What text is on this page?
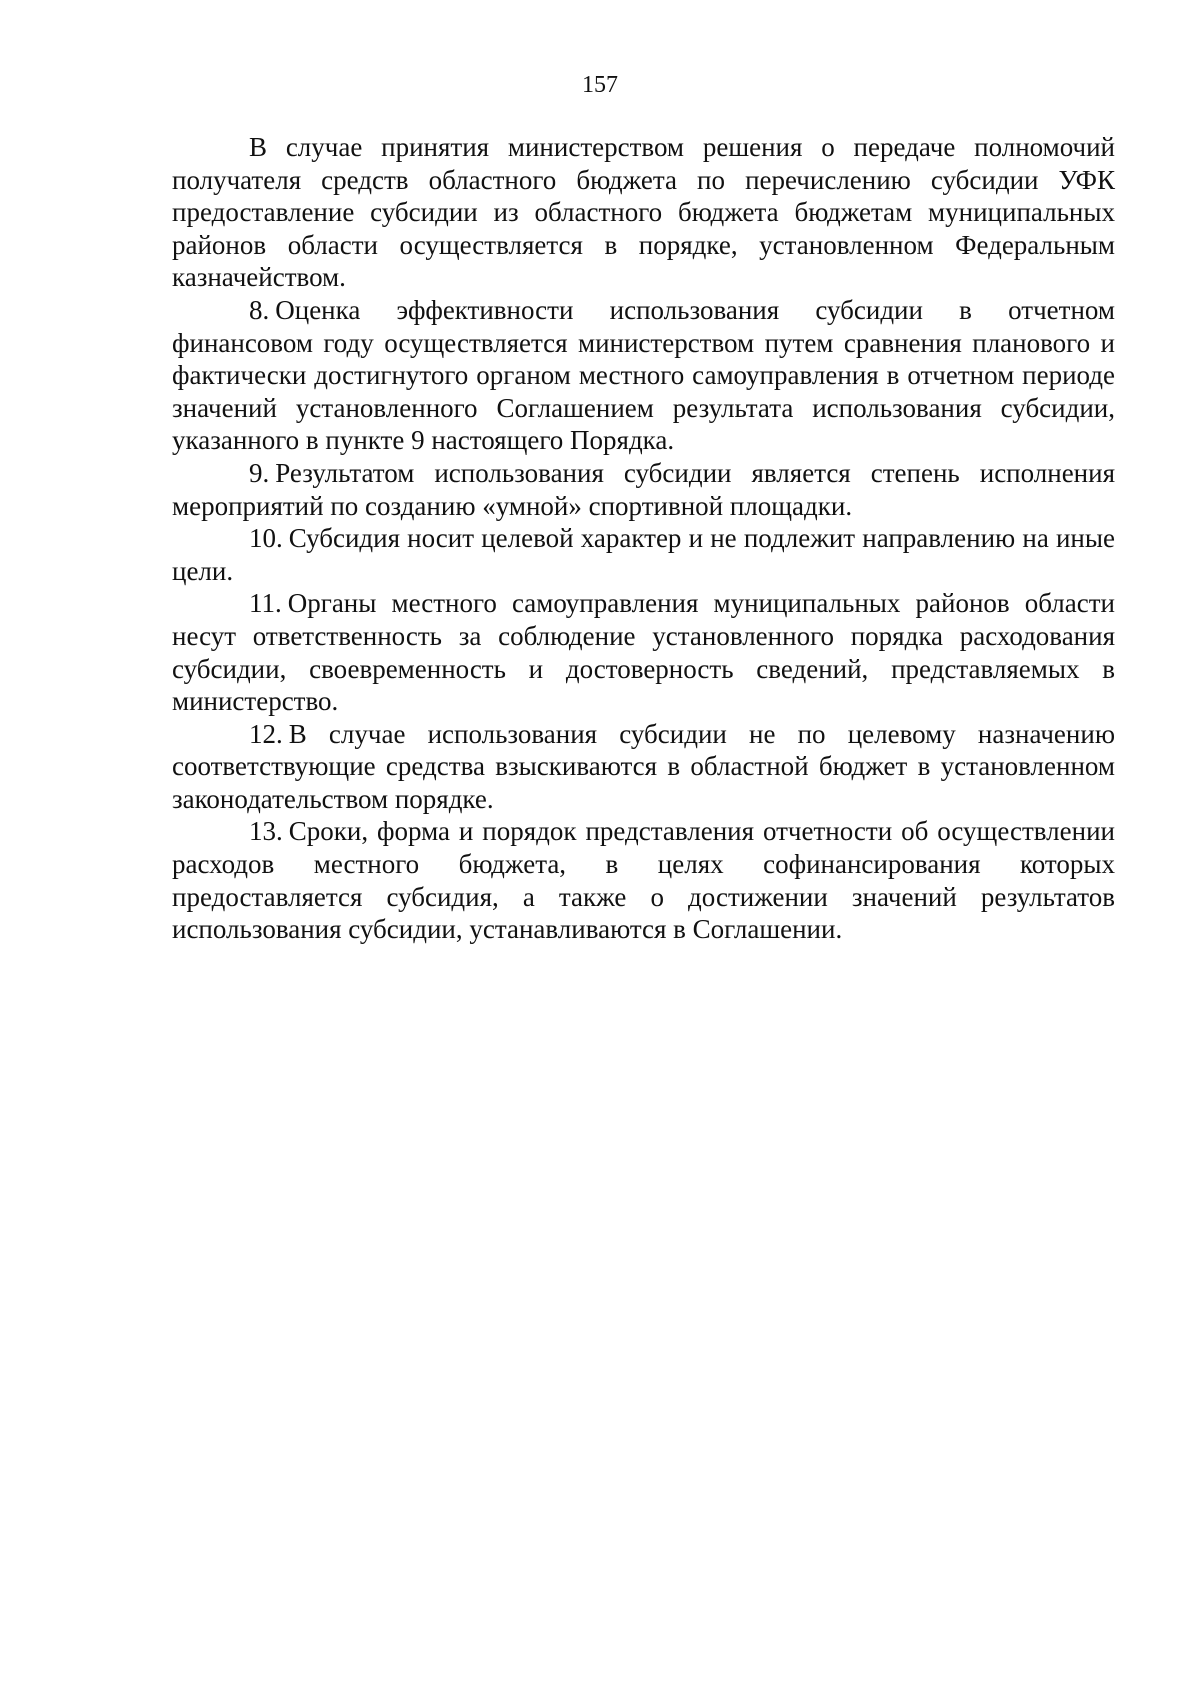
157

В случае принятия министерством решения о передаче полномочий получателя средств областного бюджета по перечислению субсидии УФК предоставление субсидии из областного бюджета бюджетам муниципальных районов области осуществляется в порядке, установленном Федеральным казначейством.

8. Оценка эффективности использования субсидии в отчетном финансовом году осуществляется министерством путем сравнения планового и фактически достигнутого органом местного самоуправления в отчетном периоде значений установленного Соглашением результата использования субсидии, указанного в пункте 9 настоящего Порядка.

9. Результатом использования субсидии является степень исполнения мероприятий по созданию «умной» спортивной площадки.

10. Субсидия носит целевой характер и не подлежит направлению на иные цели.

11. Органы местного самоуправления муниципальных районов области несут ответственность за соблюдение установленного порядка расходования субсидии, своевременность и достоверность сведений, представляемых в министерство.

12. В случае использования субсидии не по целевому назначению соответствующие средства взыскиваются в областной бюджет в установленном законодательством порядке.

13. Сроки, форма и порядок представления отчетности об осуществлении расходов местного бюджета, в целях софинансирования которых предоставляется субсидия, а также о достижении значений результатов использования субсидии, устанавливаются в Соглашении.
